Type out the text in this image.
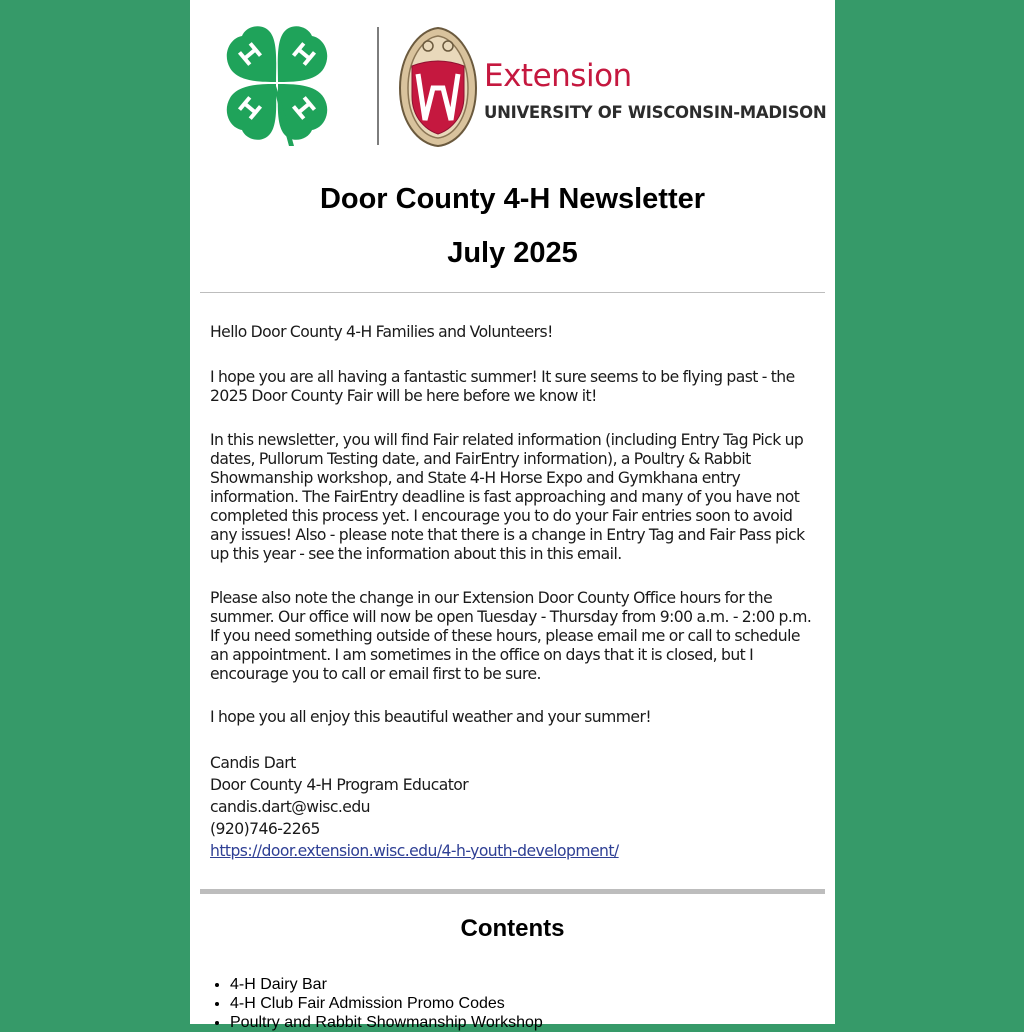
Extension
UNIVERSITY OF WISCONSIN-MADISON
Door County 4-H Newsletter
July 2025
Hello Door County 4-H Families and Volunteers!
I hope you are all having a fantastic summer! It sure seems to be flying past - the 2025 Door County Fair will be here before we know it!
In this newsletter, you will find Fair related information (including Entry Tag Pick up dates, Pullorum Testing date, and FairEntry information), a Poultry & Rabbit Showmanship workshop, and State 4-H Horse Expo and Gymkhana entry information. The FairEntry deadline is fast approaching and many of you have not completed this process yet. I encourage you to do your Fair entries soon to avoid any issues! Also - please note that there is a change in Entry Tag and Fair Pass pick up this year - see the information about this in this email.
Please also note the change in our Extension Door County Office hours for the summer. Our office will now be open Tuesday - Thursday from 9:00 a.m. - 2:00 p.m. If you need something outside of these hours, please email me or call to schedule an appointment. I am sometimes in the office on days that it is closed, but I encourage you to call or email first to be sure.
I hope you all enjoy this beautiful weather and your summer!
Candis Dart
Door County 4-H Program Educator
candis.dart@wisc.edu
(920)746-2265
https://door.extension.wisc.edu/4-h-youth-development/
Contents
• 4-H Dairy Bar
• 4-H Club Fair Admission Promo Codes
• Poultry and Rabbit Showmanship Workshop
